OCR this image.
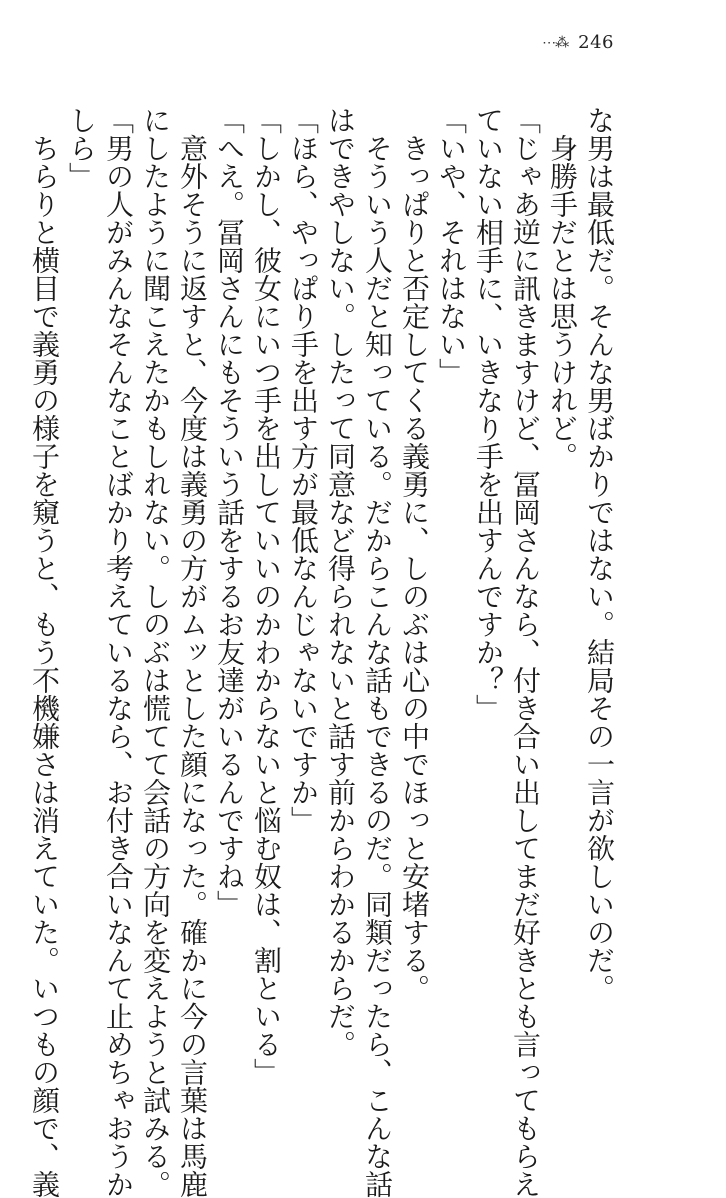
⋯⁂ 246
な男は最低だ。そんな男ばかりではない。結局その一言が欲しいのだ。
身勝手だとは思うけれど。
「じゃあ逆に訊きますけど、冨岡さんなら、付き合い出してまだ好きとも言ってもらえ
ていない相手に、いきなり手を出すんですか？」
「いや、それはない」
きっぱりと否定してくる義勇に、しのぶは心の中でほっと安堵する。
そういう人だと知っている。だからこんな話もできるのだ。同類だったら、こんな話
はできやしない。したって同意など得られないと話す前からわかるからだ。
「ほら、やっぱり手を出す方が最低なんじゃないですか」
「しかし、彼女にいつ手を出していいのかわからないと悩む奴は、割といる」
「へえ。冨岡さんにもそういう話をするお友達がいるんですね」
意外そうに返すと、今度は義勇の方がムッとした顔になった。確かに今の言葉は馬鹿
にしたように聞こえたかもしれない。しのぶは慌てて会話の方向を変えようと試みる。
「男の人がみんなそんなことばかり考えているなら、お付き合いなんて止めちゃおうか
しら」
ちらりと横目で義勇の様子を窺うと、もう不機嫌さは消えていた。いつもの顔で、義
